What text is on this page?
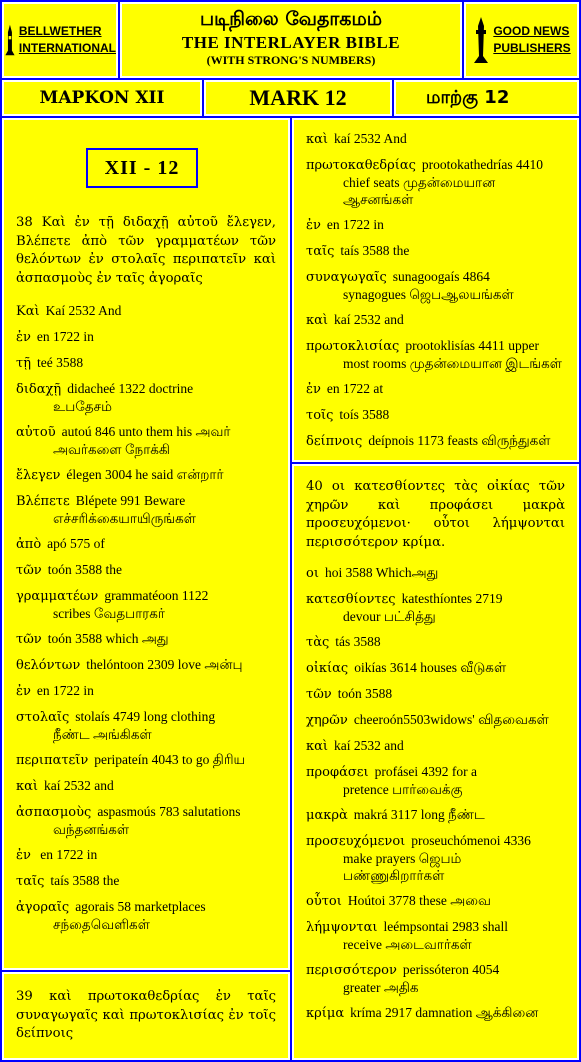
BELLWETHER
INTERNATIONAL
படிநிலை வேதாகமம்
THE INTERLAYER BIBLE
(WITH STRONG'S NUMBERS)
GOOD NEWS
PUBLISHERS
ΜΑΡΚΟΝ XII	MARK 12	மாற்கு 12
XII - 12
38 Καὶ ἐν τῇ διδαχῇ αὐτοῦ ἔλεγεν, Βλέπετε ἀπὸ τῶν γραμματέων τῶν θελόντων ἐν στολαῖς περιπατεῖν καὶ ἀσπασμοὺς ἐν ταῖς ἀγοραῖς
Καὶ Kaí 2532 And
ἐν en 1722 in
τῇ teé 3588
διδαχῇ didacheé 1322 doctrine
உபதேசம்
αὐτοῦ autoú 846 unto them his அவர்
அவர்களை நோக்கி
ἔλεγεν élegen 3004 he said என்றார்
Βλέπετε Blépete 991 Beware
எச்சரிக்கையாயிருங்கள்
ἀπὸ apó 575 of
τῶν toón 3588 the
γραμματέων grammatéoon 1122
scribes வேதபாரகர்
τῶν toón 3588 which அது
θελόντων thelóntoon 2309 love அன்பு
ἐν en 1722 in
στολαῖς stolaís 4749 long clothing
நீண்ட அங்கிகள்
περιπατεῖν peripateín 4043 to go திரிய
καὶ kaí 2532 and
ἀσπασμοὺς aspasmoús 783 salutations
வந்தனங்கள்
ἐν en 1722 in
ταῖς taís 3588 the
ἀγοραῖς agorais 58 marketplaces
சந்தைவெளிகள்
39 καὶ πρωτοκαθεδρίας ἐν ταῖς συναγωγαῖς καὶ πρωτοκλισίας ἐν τοῖς δείπνοις
καὶ kaí 2532 And
πρωτοκαθεδρίας prootokathedrías 4410
chief seats முதன்மையான ஆசனங்கள்
ἐν en 1722 in
ταῖς taís 3588 the
συναγωγαῖς sunagoogaís 4864
synagogues ஜெபஆலயங்கள்
καὶ kaí 2532 and
πρωτοκλισίας prootoklisías 4411 upper
most rooms முதன்மையான இடங்கள்
ἐν en 1722 at
τοῖς toís 3588
δείπνοις deípnois 1173 feasts விருந்துகள்
40 οι κατεσθίοντες τὰς οἰκίας τῶν χηρῶν καὶ προφάσει μακρὰ προσευχόμενοι· οὗτοι λήμψονται περισσότερον κρίμα.
οι hoi 3588 Whichஅது
κατεσθίοντες katesthíontes 2719
devour பட்சித்து
τὰς tás 3588
οἰκίας oikías 3614 houses வீடுகள்
τῶν toón 3588
χηρῶν cheeroón5503widows' விதவைகள்
καὶ kaí 2532 and
προφάσει profásei 4392 for a
pretence பார்வைக்கு
μακρὰ makrá 3117 long நீண்ட
προσευχόμενοι proseuchómenoi 4336
make prayers ஜெபம் பண்ணுகிறார்கள்
οὗτοι Hoútoi 3778 these அவை
λήμψονται leémpsontai 2983 shall
receive அடைவார்கள்
περισσότερον perissóteron 4054
greater அதிக
κρίμα kríma 2917 damnation ஆக்கினை
